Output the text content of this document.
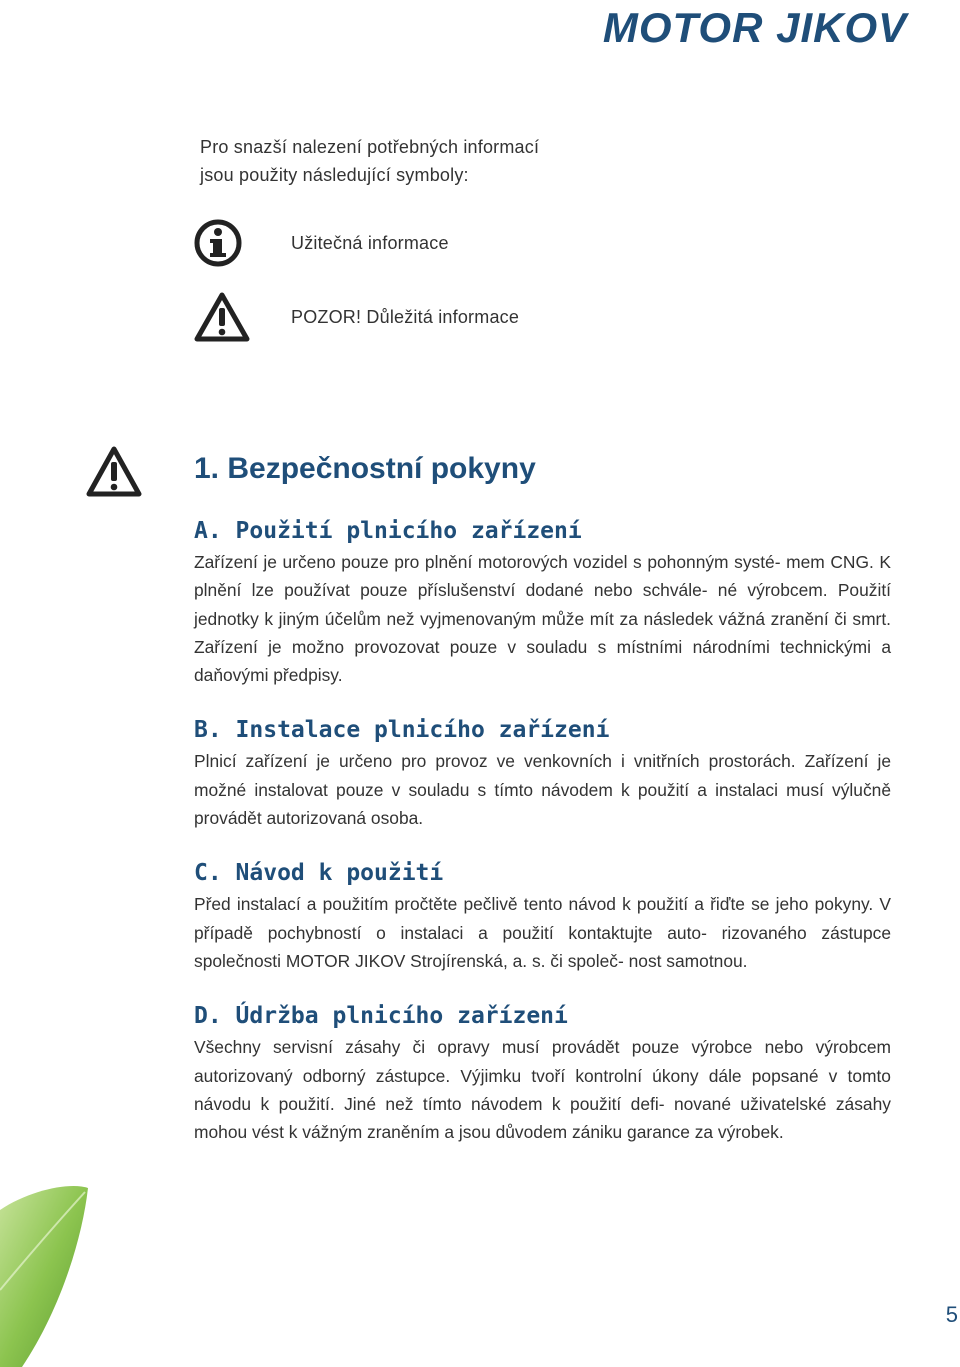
MOTOR JIKOV
Pro snazší nalezení potřebných informací
jsou použity následující symboly:
Užitečná informace
POZOR! Důležitá informace
1. Bezpečnostní pokyny
A. Použití plnicího zařízení

Zařízení je určeno pouze pro plnění motorových vozidel s pohonným systé- mem CNG. K plnění lze používat pouze příslušenství dodané nebo schvále- né výrobcem. Použití jednotky k jiným účelům než vyjmenovaným může mít za následek vážná zranění či smrt. Zařízení je možno provozovat pouze v souladu s místními národními technickými a daňovými předpisy.

B. Instalace plnicího zařízení

Plnicí zařízení je určeno pro provoz ve venkovních i vnitřních prostorách. Zařízení je možné instalovat pouze v souladu s tímto návodem k použití a instalaci musí výlučně provádět autorizovaná osoba.

C. Návod k použití

Před instalací a použitím pročtěte pečlivě tento návod k použití a řiďte se jeho pokyny. V případě pochybností o instalaci a použití kontaktujte auto- rizovaného zástupce společnosti MOTOR JIKOV Strojírenská, a. s. či společ- nost samotnou.

D. Údržba plnicího zařízení

Všechny servisní zásahy či opravy musí provádět pouze výrobce nebo výrobcem autorizovaný odborný zástupce. Výjimku tvoří kontrolní úkony dále popsané v tomto návodu k použití. Jiné než tímto návodem k použití defi- nované uživatelské zásahy mohou vést k vážným zraněním a jsou důvodem zániku garance za výrobek.

5
